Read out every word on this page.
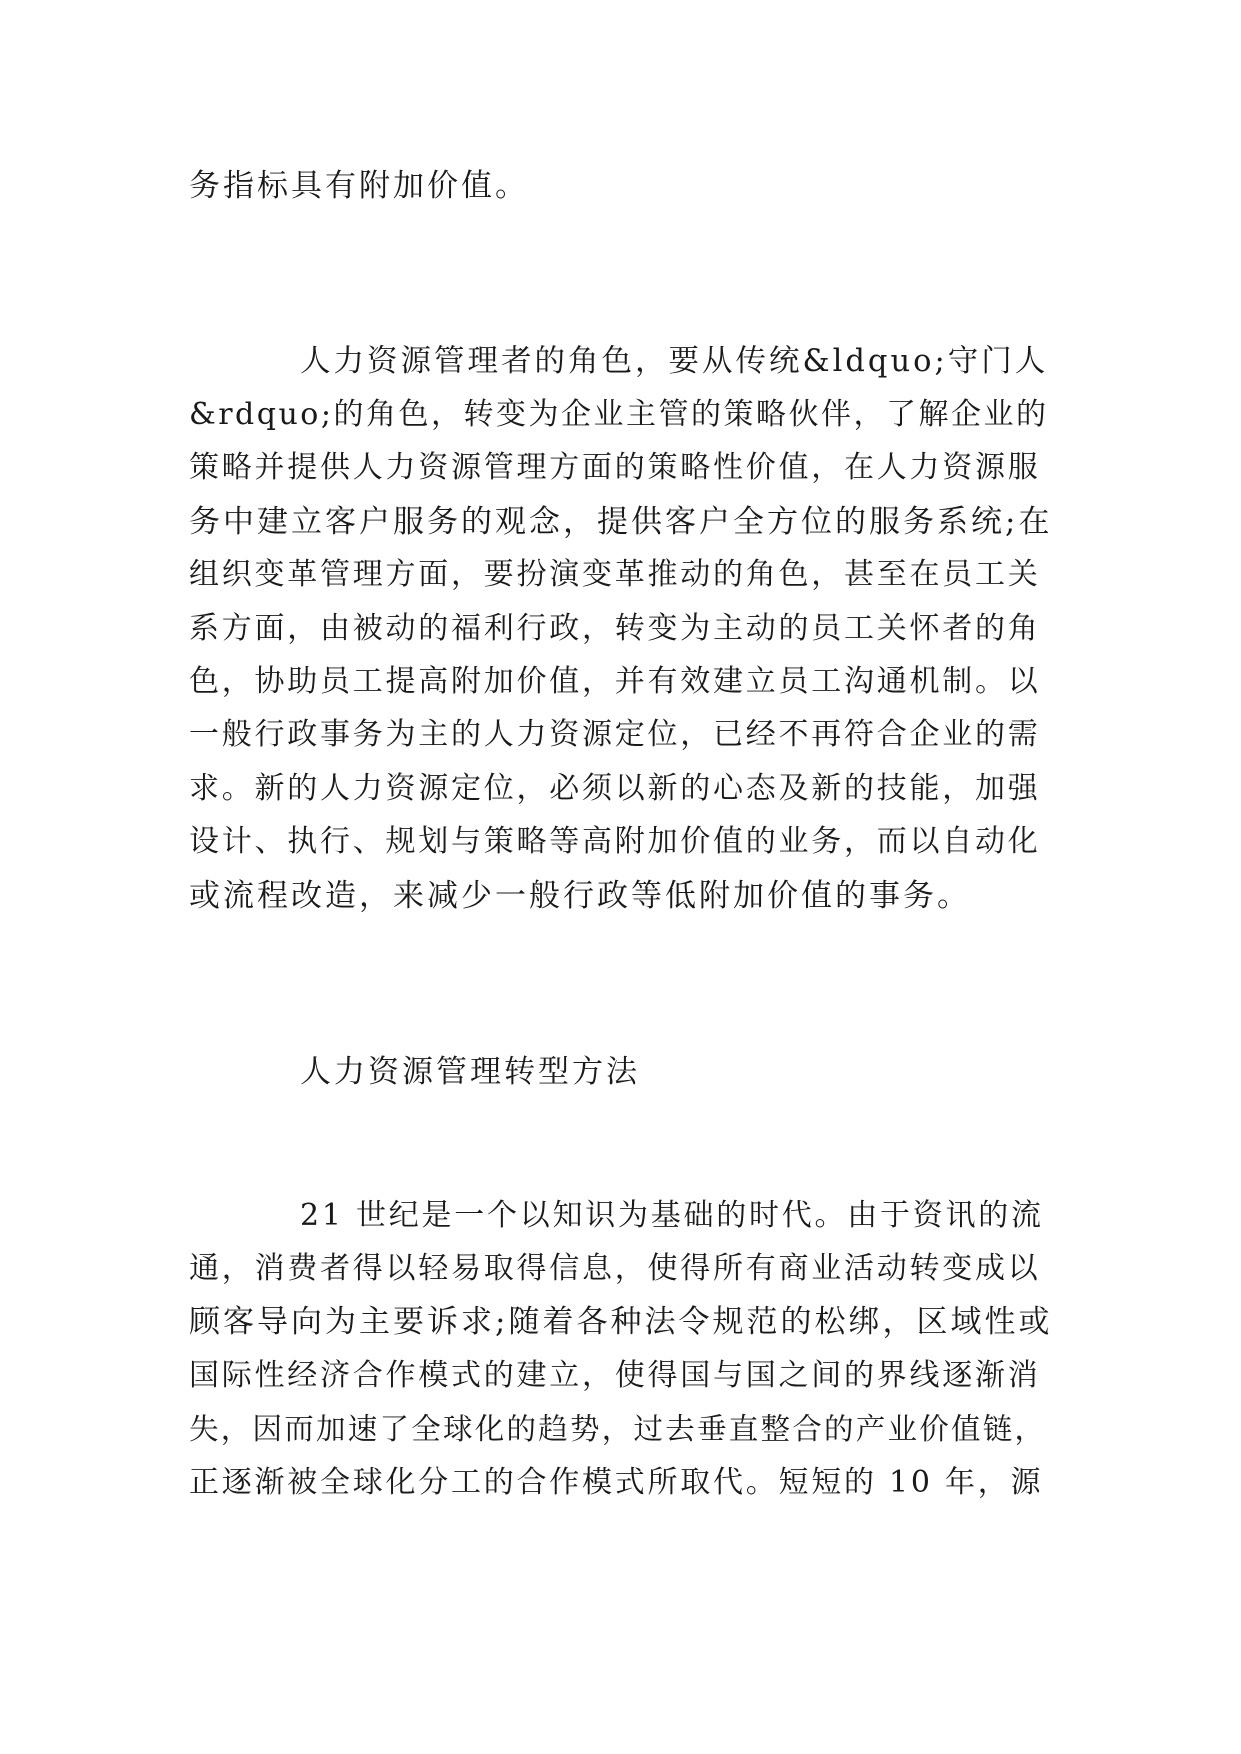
务指标具有附加价值。
人力资源管理者的角色，要从传统&ldquo;守门人
&rdquo;的角色，转变为企业主管的策略伙伴，了解企业的
策略并提供人力资源管理方面的策略性价值，在人力资源服
务中建立客户服务的观念，提供客户全方位的服务系统;在
组织变革管理方面，要扮演变革推动的角色，甚至在员工关
系方面，由被动的福利行政，转变为主动的员工关怀者的角
色，协助员工提高附加价值，并有效建立员工沟通机制。以
一般行政事务为主的人力资源定位，已经不再符合企业的需
求。新的人力资源定位，必须以新的心态及新的技能，加强
设计、执行、规划与策略等高附加价值的业务，而以自动化
或流程改造，来减少一般行政等低附加价值的事务。
人力资源管理转型方法
21 世纪是一个以知识为基础的时代。由于资讯的流
通，消费者得以轻易取得信息，使得所有商业活动转变成以
顾客导向为主要诉求;随着各种法令规范的松绑，区域性或
国际性经济合作模式的建立，使得国与国之间的界线逐渐消
失，因而加速了全球化的趋势，过去垂直整合的产业价值链，
正逐渐被全球化分工的合作模式所取代。短短的 10 年，源
